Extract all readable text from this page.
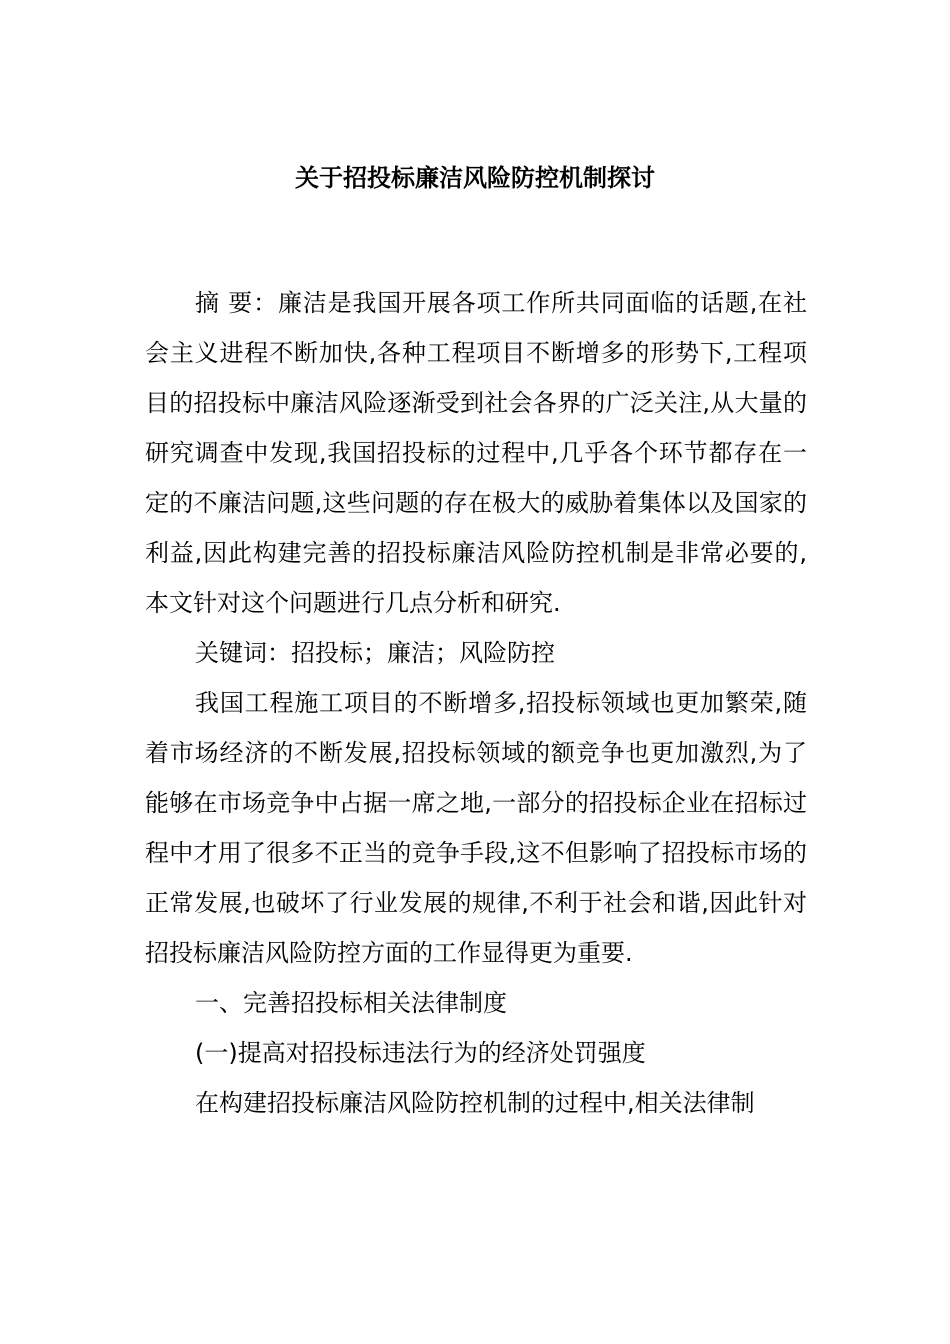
关于招投标廉洁风险防控机制探讨

摘 要：廉洁是我国开展各项工作所共同面临的话题,在社会主义进程不断加快,各种工程项目不断增多的形势下,工程项目的招投标中廉洁风险逐渐受到社会各界的广泛关注,从大量的研究调查中发现,我国招投标的过程中,几乎各个环节都存在一定的不廉洁问题,这些问题的存在极大的威胁着集体以及国家的利益,因此构建完善的招投标廉洁风险防控机制是非常必要的,本文针对这个问题进行几点分析和研究.

关键词：招投标；廉洁；风险防控

我国工程施工项目的不断增多,招投标领域也更加繁荣,随着市场经济的不断发展,招投标领域的额竞争也更加激烈,为了能够在市场竞争中占据一席之地,一部分的招投标企业在招标过程中才用了很多不正当的竞争手段,这不但影响了招投标市场的正常发展,也破坏了行业发展的规律,不利于社会和谐,因此针对招投标廉洁风险防控方面的工作显得更为重要.

一、完善招投标相关法律制度

(一)提高对招投标违法行为的经济处罚强度

在构建招投标廉洁风险防控机制的过程中,相关法律制
